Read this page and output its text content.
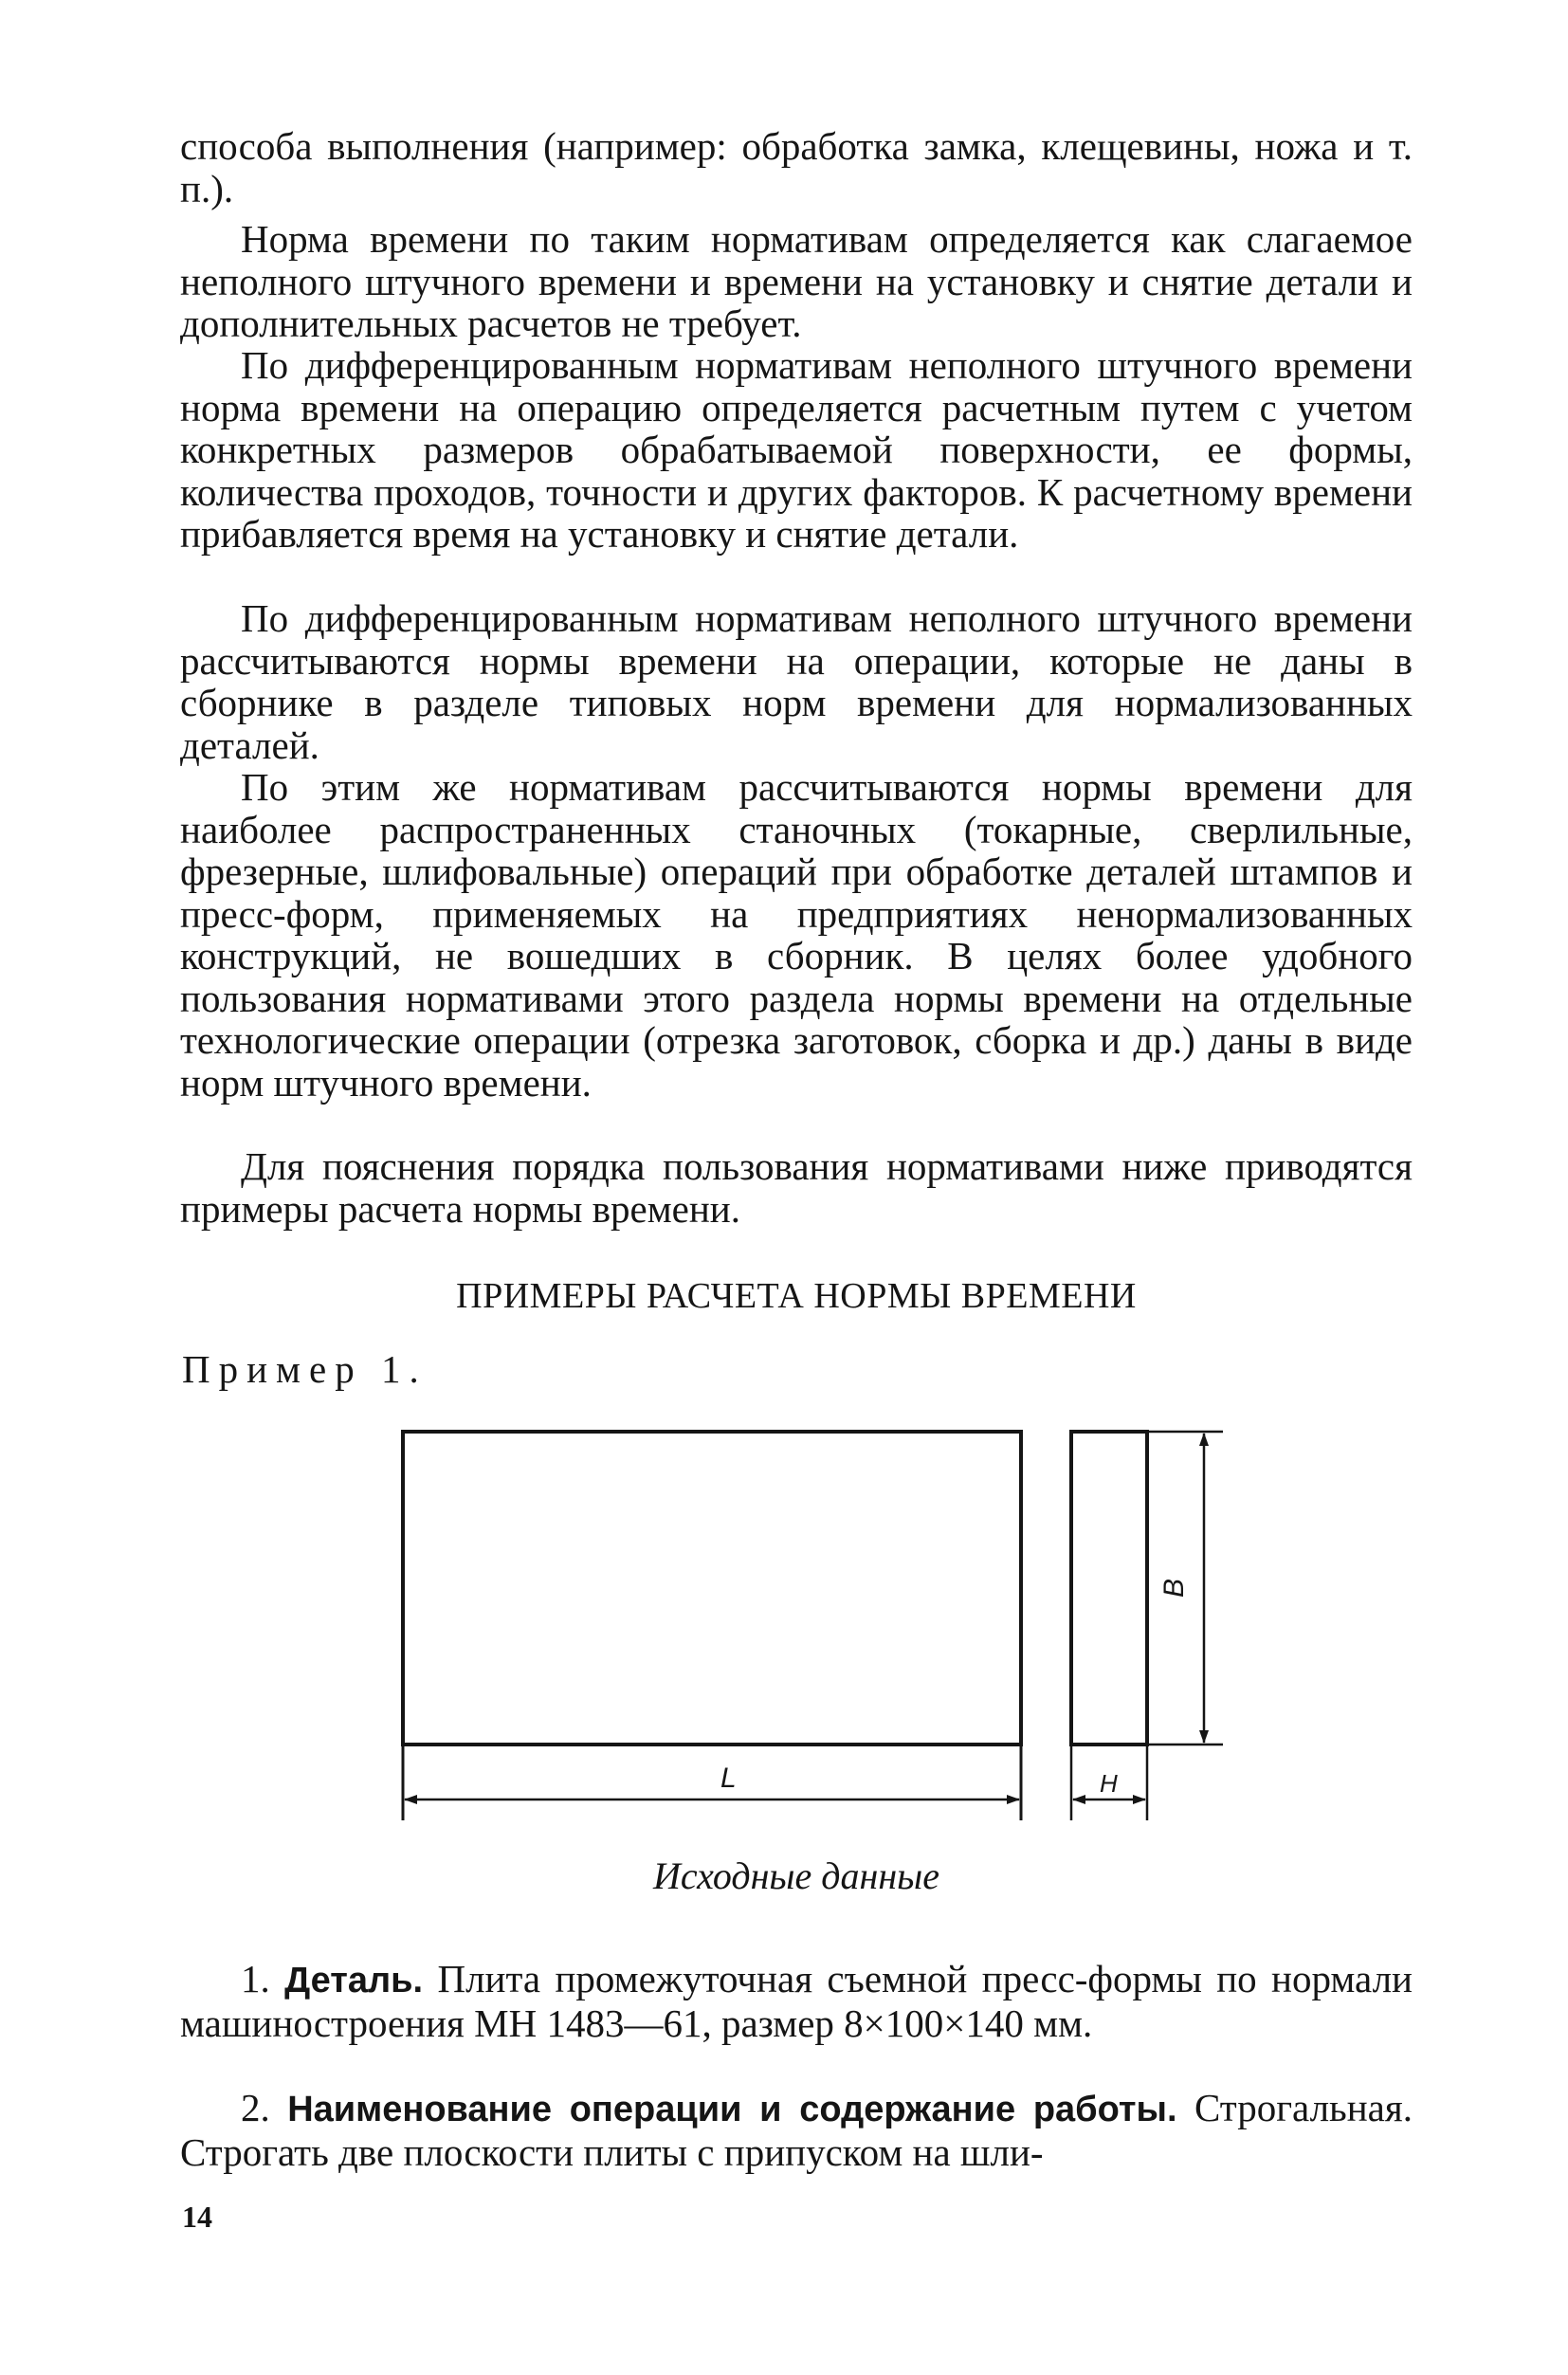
способа выполнения (например: обработка замка, клещевины, ножа и т. п.).

Норма времени по таким нормативам определяется как слагаемое неполного штучного времени и времени на установку и снятие детали и дополнительных расчетов не требует.

По дифференцированным нормативам неполного штучного времени норма времени на операцию определяется расчетным путем с учетом конкретных размеров обрабатываемой поверхности, ее формы, количества проходов, точности и других факторов. К расчетному времени прибавляется время на установку и снятие детали.

По дифференцированным нормативам неполного штучного времени рассчитываются нормы времени на операции, которые не даны в сборнике в разделе типовых норм времени для нормализованных деталей.

По этим же нормативам рассчитываются нормы времени для наиболее распространенных станочных (токарные, сверлильные, фрезерные, шлифовальные) операций при обработке деталей штампов и пресс-форм, применяемых на предприятиях ненормализованных конструкций, не вошедших в сборник. В целях более удобного пользования нормативами этого раздела нормы времени на отдельные технологические операции (отрезка заготовок, сборка и др.) даны в виде норм штучного времени.

Для пояснения порядка пользования нормативами ниже приводятся примеры расчета нормы времени.

ПРИМЕРЫ РАСЧЕТА НОРМЫ ВРЕМЕНИ
Пример 1.
L
B
H
Исходные данные

1. Деталь. Плита промежуточная съемной пресс-формы по нормали машиностроения МН 1483—61, размер 8×100×140 мм.

2. Наименование операции и содержание работы. Строгальная. Строгать две плоскости плиты с припуском на шли-

14
